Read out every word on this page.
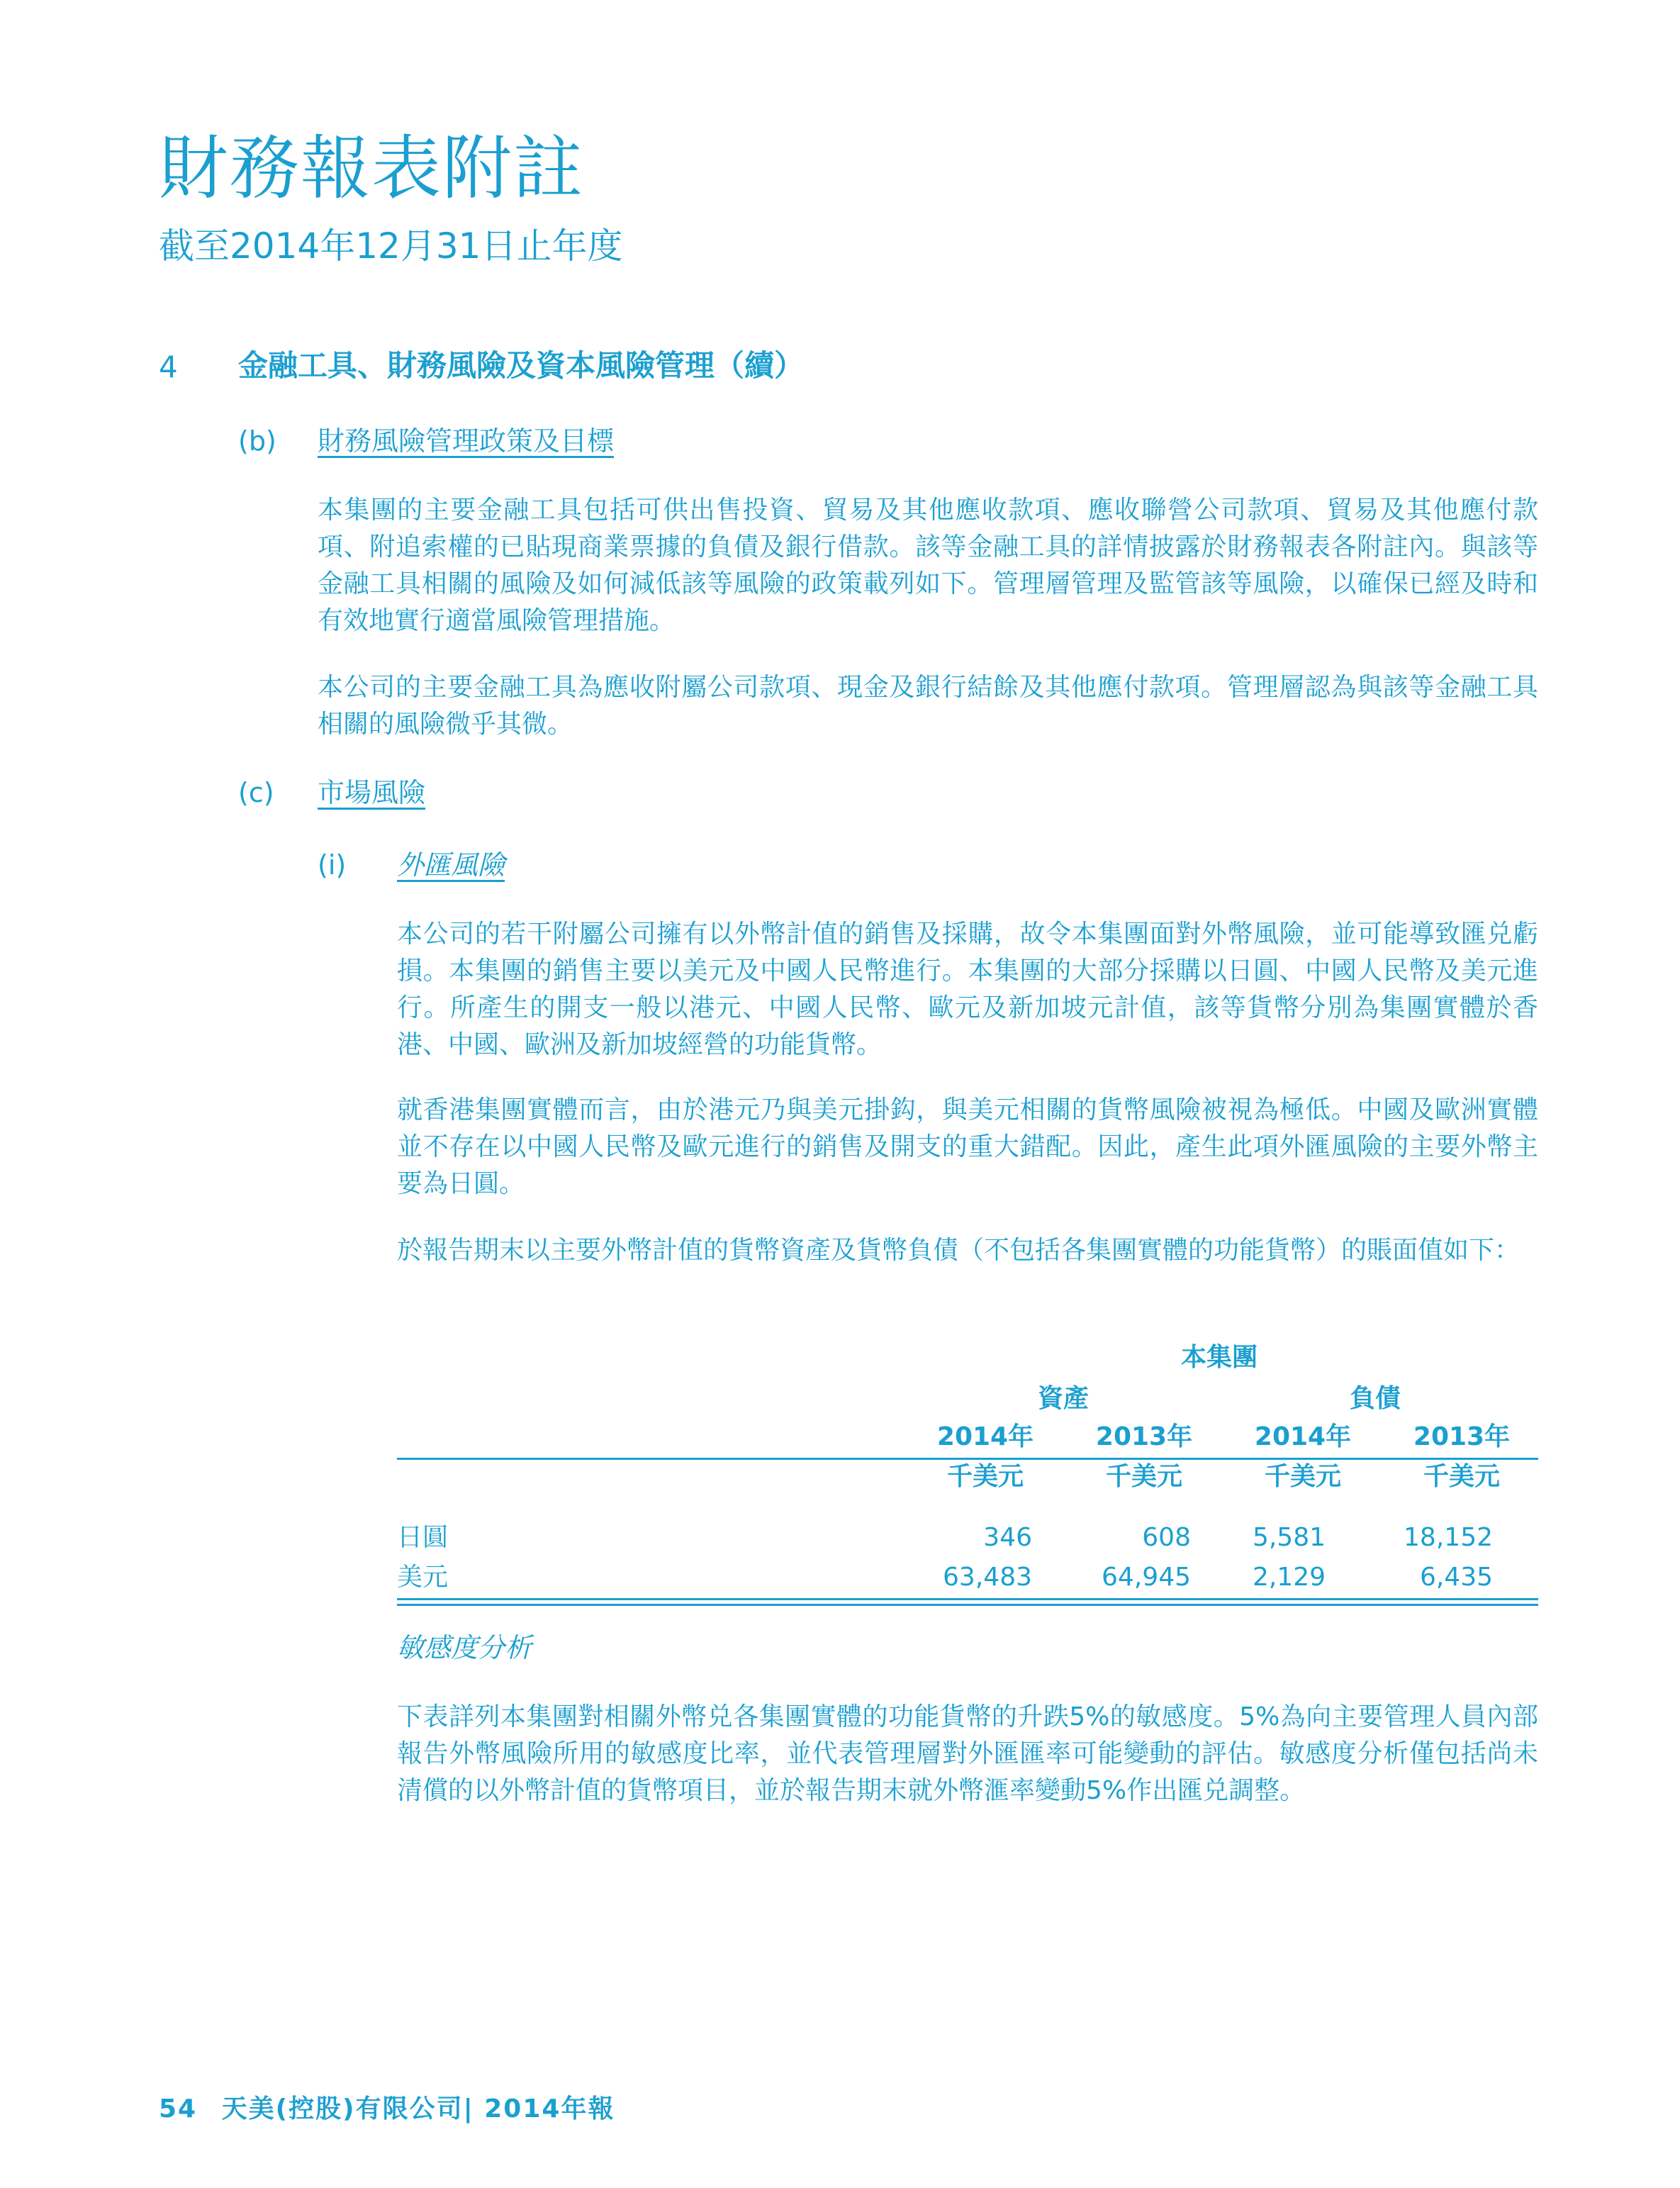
財務報表附註
截至2014年12月31日止年度
4 金融工具、財務風險及資本風險管理（續）
(b) 財務風險管理政策及目標

本集團的主要金融工具包括可供出售投資、貿易及其他應收款項、應收聯營公司款項、貿易及其他應付款項、附追索權的已貼現商業票據的負債及銀行借款。該等金融工具的詳情披露於財務報表各附註內。與該等金融工具相關的風險及如何減低該等風險的政策載列如下。管理層管理及監管該等風險，以確保已經及時和有效地實行適當風險管理措施。

本公司的主要金融工具為應收附屬公司款項、現金及銀行結餘及其他應付款項。管理層認為與該等金融工具相關的風險微乎其微。

(c) 市場風險
(i) 外匯風險

本公司的若干附屬公司擁有以外幣計值的銷售及採購，故令本集團面對外幣風險，並可能導致匯兑虧損。本集團的銷售主要以美元及中國人民幣進行。本集團的大部分採購以日圓、中國人民幣及美元進行。所產生的開支一般以港元、中國人民幣、歐元及新加坡元計值，該等貨幣分別為集團實體於香港、中國、歐洲及新加坡經營的功能貨幣。

就香港集團實體而言，由於港元乃與美元掛鈎，與美元相關的貨幣風險被視為極低。中國及歐洲實體並不存在以中國人民幣及歐元進行的銷售及開支的重大錯配。因此，產生此項外匯風險的主要外幣主要為日圓。

於報告期末以主要外幣計值的貨幣資產及貨幣負債（不包括各集團實體的功能貨幣）的賬面值如下：

本集團
資產	負債
2014年	2013年	2014年	2013年
千美元	千美元	千美元	千美元
日圓	346	608	5,581	18,152
美元	63,483	64,945	2,129	6,435
敏感度分析

下表詳列本集團對相關外幣兑各集團實體的功能貨幣的升跌5%的敏感度。5%為向主要管理人員內部報告外幣風險所用的敏感度比率，並代表管理層對外匯匯率可能變動的評估。敏感度分析僅包括尚未清償的以外幣計值的貨幣項目，並於報告期末就外幣滙率變動5%作出匯兑調整。

54 天美(控股)有限公司| 2014年報
